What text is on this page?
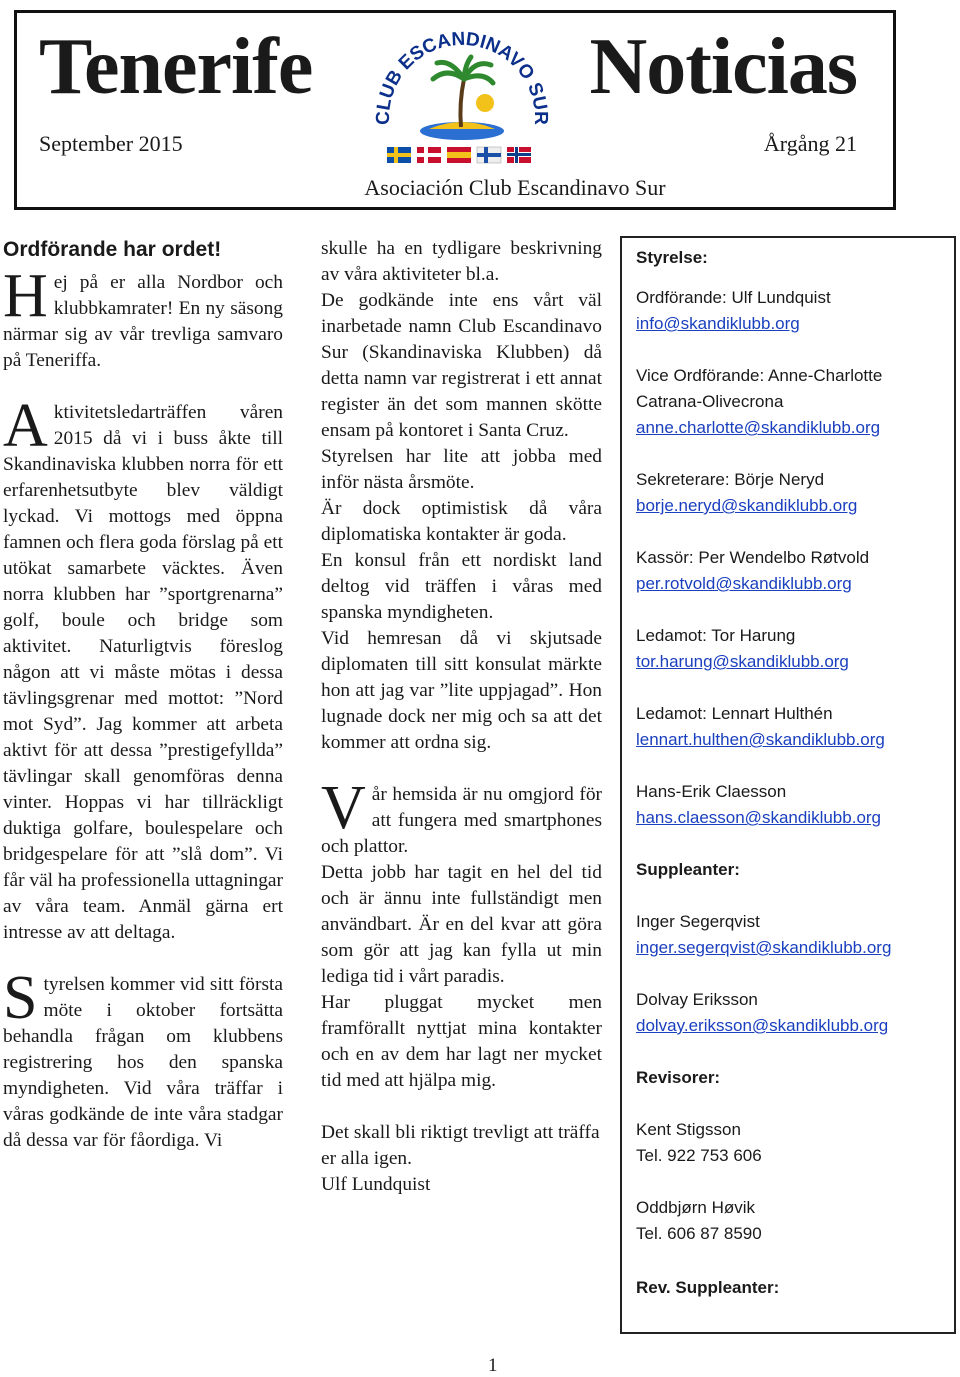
Tenerife	Noticias
CLUB ESCANDINAVO SUR
September 2015	Årgång 21
Asociación Club Escandinavo Sur
Ordförande har ordet!

Hej på er alla Nordbor och klubbkamrater! En ny säsong närmar sig av vår trevliga samvaro på Teneriffa.

Aktivitetsledarträffen våren 2015 då vi i buss åkte till Skandinaviska klubben norra för ett erfarenhetsutbyte blev väldigt lyckad. Vi mottogs med öppna famnen och flera goda förslag på ett utökat samarbete väcktes. Även norra klubben har ”sportgrenarna” golf, boule och bridge som aktivitet. Naturligtvis föreslog någon att vi måste mötas i dessa tävlingsgrenar med mottot: ”Nord mot Syd”. Jag kommer att arbeta aktivt för att dessa ”prestigefyllda” tävlingar skall genomföras denna vinter. Hoppas vi har tillräckligt duktiga golfare, boulespelare och bridgespelare för att ”slå dom”. Vi får väl ha professionella uttagningar av våra team. Anmäl gärna ert intresse av att deltaga.

Styrelsen kommer vid sitt första möte i oktober fortsätta behandla frågan om klubbens registrering hos den spanska myndigheten. Vid våra träffar i våras godkände de inte våra stadgar då dessa var för fåordiga. Vi

skulle ha en tydligare beskrivning av våra aktiviteter bl.a.

De godkände inte ens vårt väl inarbetade namn Club Escandinavo Sur (Skandinaviska Klubben) då detta namn var registrerat i ett annat register än det som mannen skötte ensam på kontoret i Santa Cruz.

Styrelsen har lite att jobba med inför nästa årsmöte.

Är dock optimistisk då våra diplomatiska kontakter är goda.

En konsul från ett nordiskt land deltog vid träffen i våras med spanska myndigheten.

Vid hemresan då vi skjutsade diplomaten till sitt konsulat märkte hon att jag var ”lite uppjagad”. Hon lugnade dock ner mig och sa att det kommer att ordna sig.

Vår hemsida är nu omgjord för att fungera med smartphones och plattor.

Detta jobb har tagit en hel del tid och är ännu inte fullständigt men användbart. Är en del kvar att göra som gör att jag kan fylla ut min lediga tid i vårt paradis.

Har pluggat mycket men framförallt nyttjat mina kontakter och en av dem har lagt ner mycket tid med att hjälpa mig.

Det skall bli riktigt trevligt att träffa er alla igen.

Ulf Lundquist

Styrelse:
Ordförande: Ulf Lundquist
info@skandiklubb.org
Vice Ordförande: Anne-Charlotte
Catrana-Olivecrona
anne.charlotte@skandiklubb.org
Sekreterare: Börje Neryd
borje.neryd@skandiklubb.org
Kassör: Per Wendelbo Røtvold
per.rotvold@skandiklubb.org
Ledamot: Tor Harung
tor.harung@skandiklubb.org
Ledamot: Lennart Hulthén
lennart.hulthen@skandiklubb.org
Hans-Erik Claesson
hans.claesson@skandiklubb.org
Suppleanter:
Inger Segerqvist
inger.segerqvist@skandiklubb.org
Dolvay Eriksson
dolvay.eriksson@skandiklubb.org
Revisorer:
Kent Stigsson
Tel. 922 753 606
Oddbjørn Høvik
Tel. 606 87 8590
Rev. Suppleanter:
1
